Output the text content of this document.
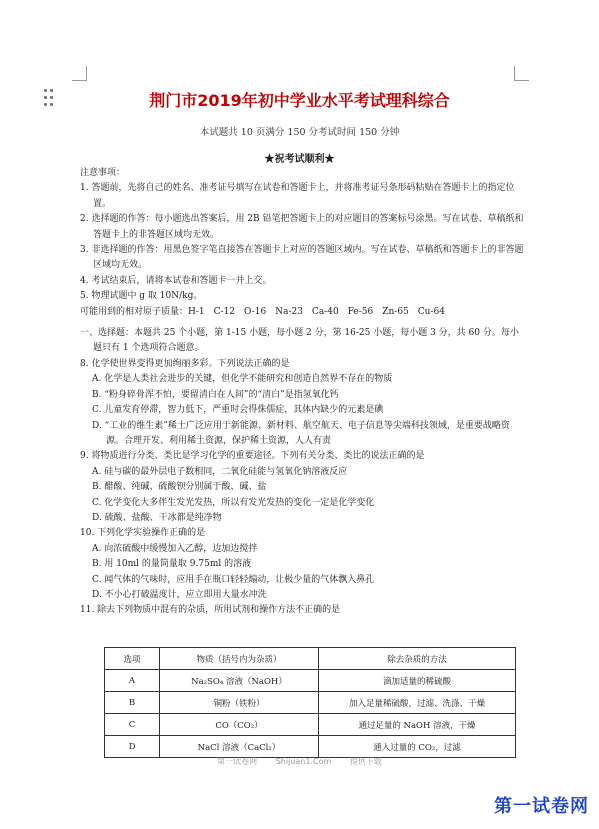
荆门市2019年初中学业水平考试理科综合
本试题共 10 页满分 150 分考试时间 150 分钟
★祝考试顺利★

注意事项：

1. 答题前，先将自己的姓名、准考证号填写在试卷和答题卡上，并将准考证号条形码粘贴在答题卡上的指定位置。

2. 选择题的作答：每小题选出答案后，用 2B 铅笔把答题卡上的对应题目的答案标号涂黑。写在试卷、草稿纸和答题卡上的非答题区域均无效。

3. 非选择题的作答：用黑色签字笔直接答在答题卡上对应的答题区域内。写在试卷、草稿纸和答题卡上的非答题区域均无效。

4. 考试结束后，请将本试卷和答题卡一并上交。

5. 物理试题中 g 取 10N/kg。

可能用到的相对原子质量：H-1　C-12　O-16　Na-23　Ca-40　Fe-56　Zn-65　Cu-64

一、选择题：本题共 25 个小题，第 1-15 小题，每小题 2 分，第 16-25 小题，每小题 3 分，共 60 分。每小题只有 1 个选项符合题意。

8. 化学使世界变得更加绚丽多彩。下列说法正确的是

A. 化学是人类社会进步的关键，但化学不能研究和创造自然界不存在的物质

B. “粉身碎骨浑不怕，要留清白在人间”的“清白”是指氢氧化钙

C. 儿童发育停滞，智力低下，严重时会得侏儒症，其体内缺少的元素是碘

D. “工业的维生素”稀土广泛应用于新能源、新材料、航空航天、电子信息等尖端科技领域，是重要战略资源。合理开发、利用稀土资源，保护稀土资源，人人有责

9. 将物质进行分类、类比是学习化学的重要途径。下列有关分类、类比的说法正确的是

A. 硅与碳的最外层电子数相同，二氧化硅能与氢氧化钠溶液反应

B. 醋酸、纯碱、硫酸钡分别属于酸、碱、盐

C. 化学变化大多伴生发光发热，所以有发光发热的变化一定是化学变化

D. 硫酸、盐酸、干冰都是纯净物

10. 下列化学实验操作正确的是

A. 向浓硫酸中缓慢加入乙醇，边加边搅拌

B. 用 10ml 的量筒量取 9.75ml 的溶液

C. 闻气体的气味时，应用手在瓶口轻轻煽动，让极少量的气体飘入鼻孔

D. 不小心打破温度计，应立即用大量水冲洗

11. 除去下列物质中混有的杂质，所用试剂和操作方法不正确的是

选项	物质（括号内为杂质）	除去杂质的方法
A	Na₂SO₄ 溶液（NaOH）	滴加适量的稀硫酸
B	铜粉（铁粉）	加入足量稀硫酸，过滤、洗涤、干燥
C	CO（CO₂）	通过足量的 NaOH 溶液，干燥
D	NaCl 溶液（CaCl₂）	通入过量的 CO₂，过滤
第一试卷网 Shijuan1.Com 提供下载
第一试卷网
